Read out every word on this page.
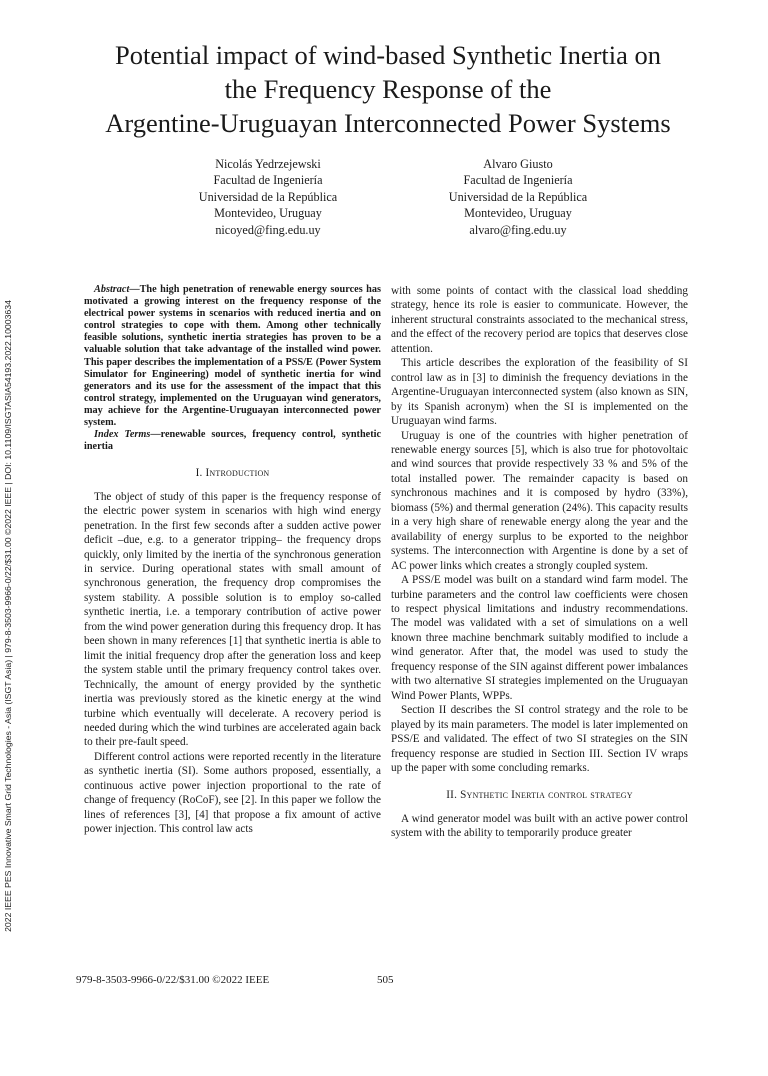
2022 IEEE PES Innovative Smart Grid Technologies - Asia (ISGT Asia) | 979-8-3503-9966-0/22/$31.00 ©2022 IEEE | DOI: 10.1109/ISGTASIA54193.2022.10003634
Potential impact of wind-based Synthetic Inertia on
the Frequency Response of the
Argentine-Uruguayan Interconnected Power Systems
Nicolás Yedrzejewski
Facultad de Ingeniería
Universidad de la República
Montevideo, Uruguay
nicoyed@fing.edu.uy
Alvaro Giusto
Facultad de Ingeniería
Universidad de la República
Montevideo, Uruguay
alvaro@fing.edu.uy

Abstract—The high penetration of renewable energy sources has motivated a growing interest on the frequency response of the electrical power systems in scenarios with reduced inertia and on control strategies to cope with them. Among other technically feasible solutions, synthetic inertia strategies has proven to be a valuable solution that take advantage of the installed wind power. This paper describes the implementation of a PSS/E (Power System Simulator for Engineering) model of synthetic inertia for wind generators and its use for the assessment of the impact that this control strategy, implemented on the Uruguayan wind generators, may achieve for the Argentine-Uruguayan interconnected power system.

Index Terms—renewable sources, frequency control, synthetic inertia

I. Introduction

The object of study of this paper is the frequency response of the electric power system in scenarios with high wind energy penetration. In the first few seconds after a sudden active power deficit –due, e.g. to a generator tripping– the frequency drops quickly, only limited by the inertia of the synchronous generation in service. During operational states with small amount of synchronous generation, the frequency drop compromises the system stability. A possible solution is to employ so-called synthetic inertia, i.e. a temporary contribution of active power from the wind power generation during this frequency drop. It has been shown in many references [1] that synthetic inertia is able to limit the initial frequency drop after the generation loss and keep the system stable until the primary frequency control takes over. Technically, the amount of energy provided by the synthetic inertia was previously stored as the kinetic energy at the wind turbine which eventually will decelerate. A recovery period is needed during which the wind turbines are accelerated again back to their pre-fault speed.

Different control actions were reported recently in the literature as synthetic inertia (SI). Some authors proposed, essentially, a continuous active power injection proportional to the rate of change of frequency (RoCoF), see [2]. In this paper we follow the lines of references [3], [4] that propose a fix amount of active power injection. This control law acts

with some points of contact with the classical load shedding strategy, hence its role is easier to communicate. However, the inherent structural constraints associated to the mechanical stress, and the effect of the recovery period are topics that deserves close attention.

This article describes the exploration of the feasibility of SI control law as in [3] to diminish the frequency deviations in the Argentine-Uruguayan interconnected system (also known as SIN, by its Spanish acronym) when the SI is implemented on the Uruguayan wind farms.

Uruguay is one of the countries with higher penetration of renewable energy sources [5], which is also true for photovoltaic and wind sources that provide respectively 33 % and 5% of the total installed power. The remainder capacity is based on synchronous machines and it is composed by hydro (33%), biomass (5%) and thermal generation (24%). This capacity results in a very high share of renewable energy along the year and the availability of energy surplus to be exported to the neighbor systems. The interconnection with Argentine is done by a set of AC power links which creates a strongly coupled system.

A PSS/E model was built on a standard wind farm model. The turbine parameters and the control law coefficients were chosen to respect physical limitations and industry recommendations. The model was validated with a set of simulations on a well known three machine benchmark suitably modified to include a wind generator. After that, the model was used to study the frequency response of the SIN against different power imbalances with two alternative SI strategies implemented on the Uruguayan Wind Power Plants, WPPs.

Section II describes the SI control strategy and the role to be played by its main parameters. The model is later implemented on PSS/E and validated. The effect of two SI strategies on the SIN frequency response are studied in Section III. Section IV wraps up the paper with some concluding remarks.

II. Synthetic Inertia control strategy

A wind generator model was built with an active power control system with the ability to temporarily produce greater

979-8-3503-9966-0/22/$31.00 ©2022 IEEE	505
